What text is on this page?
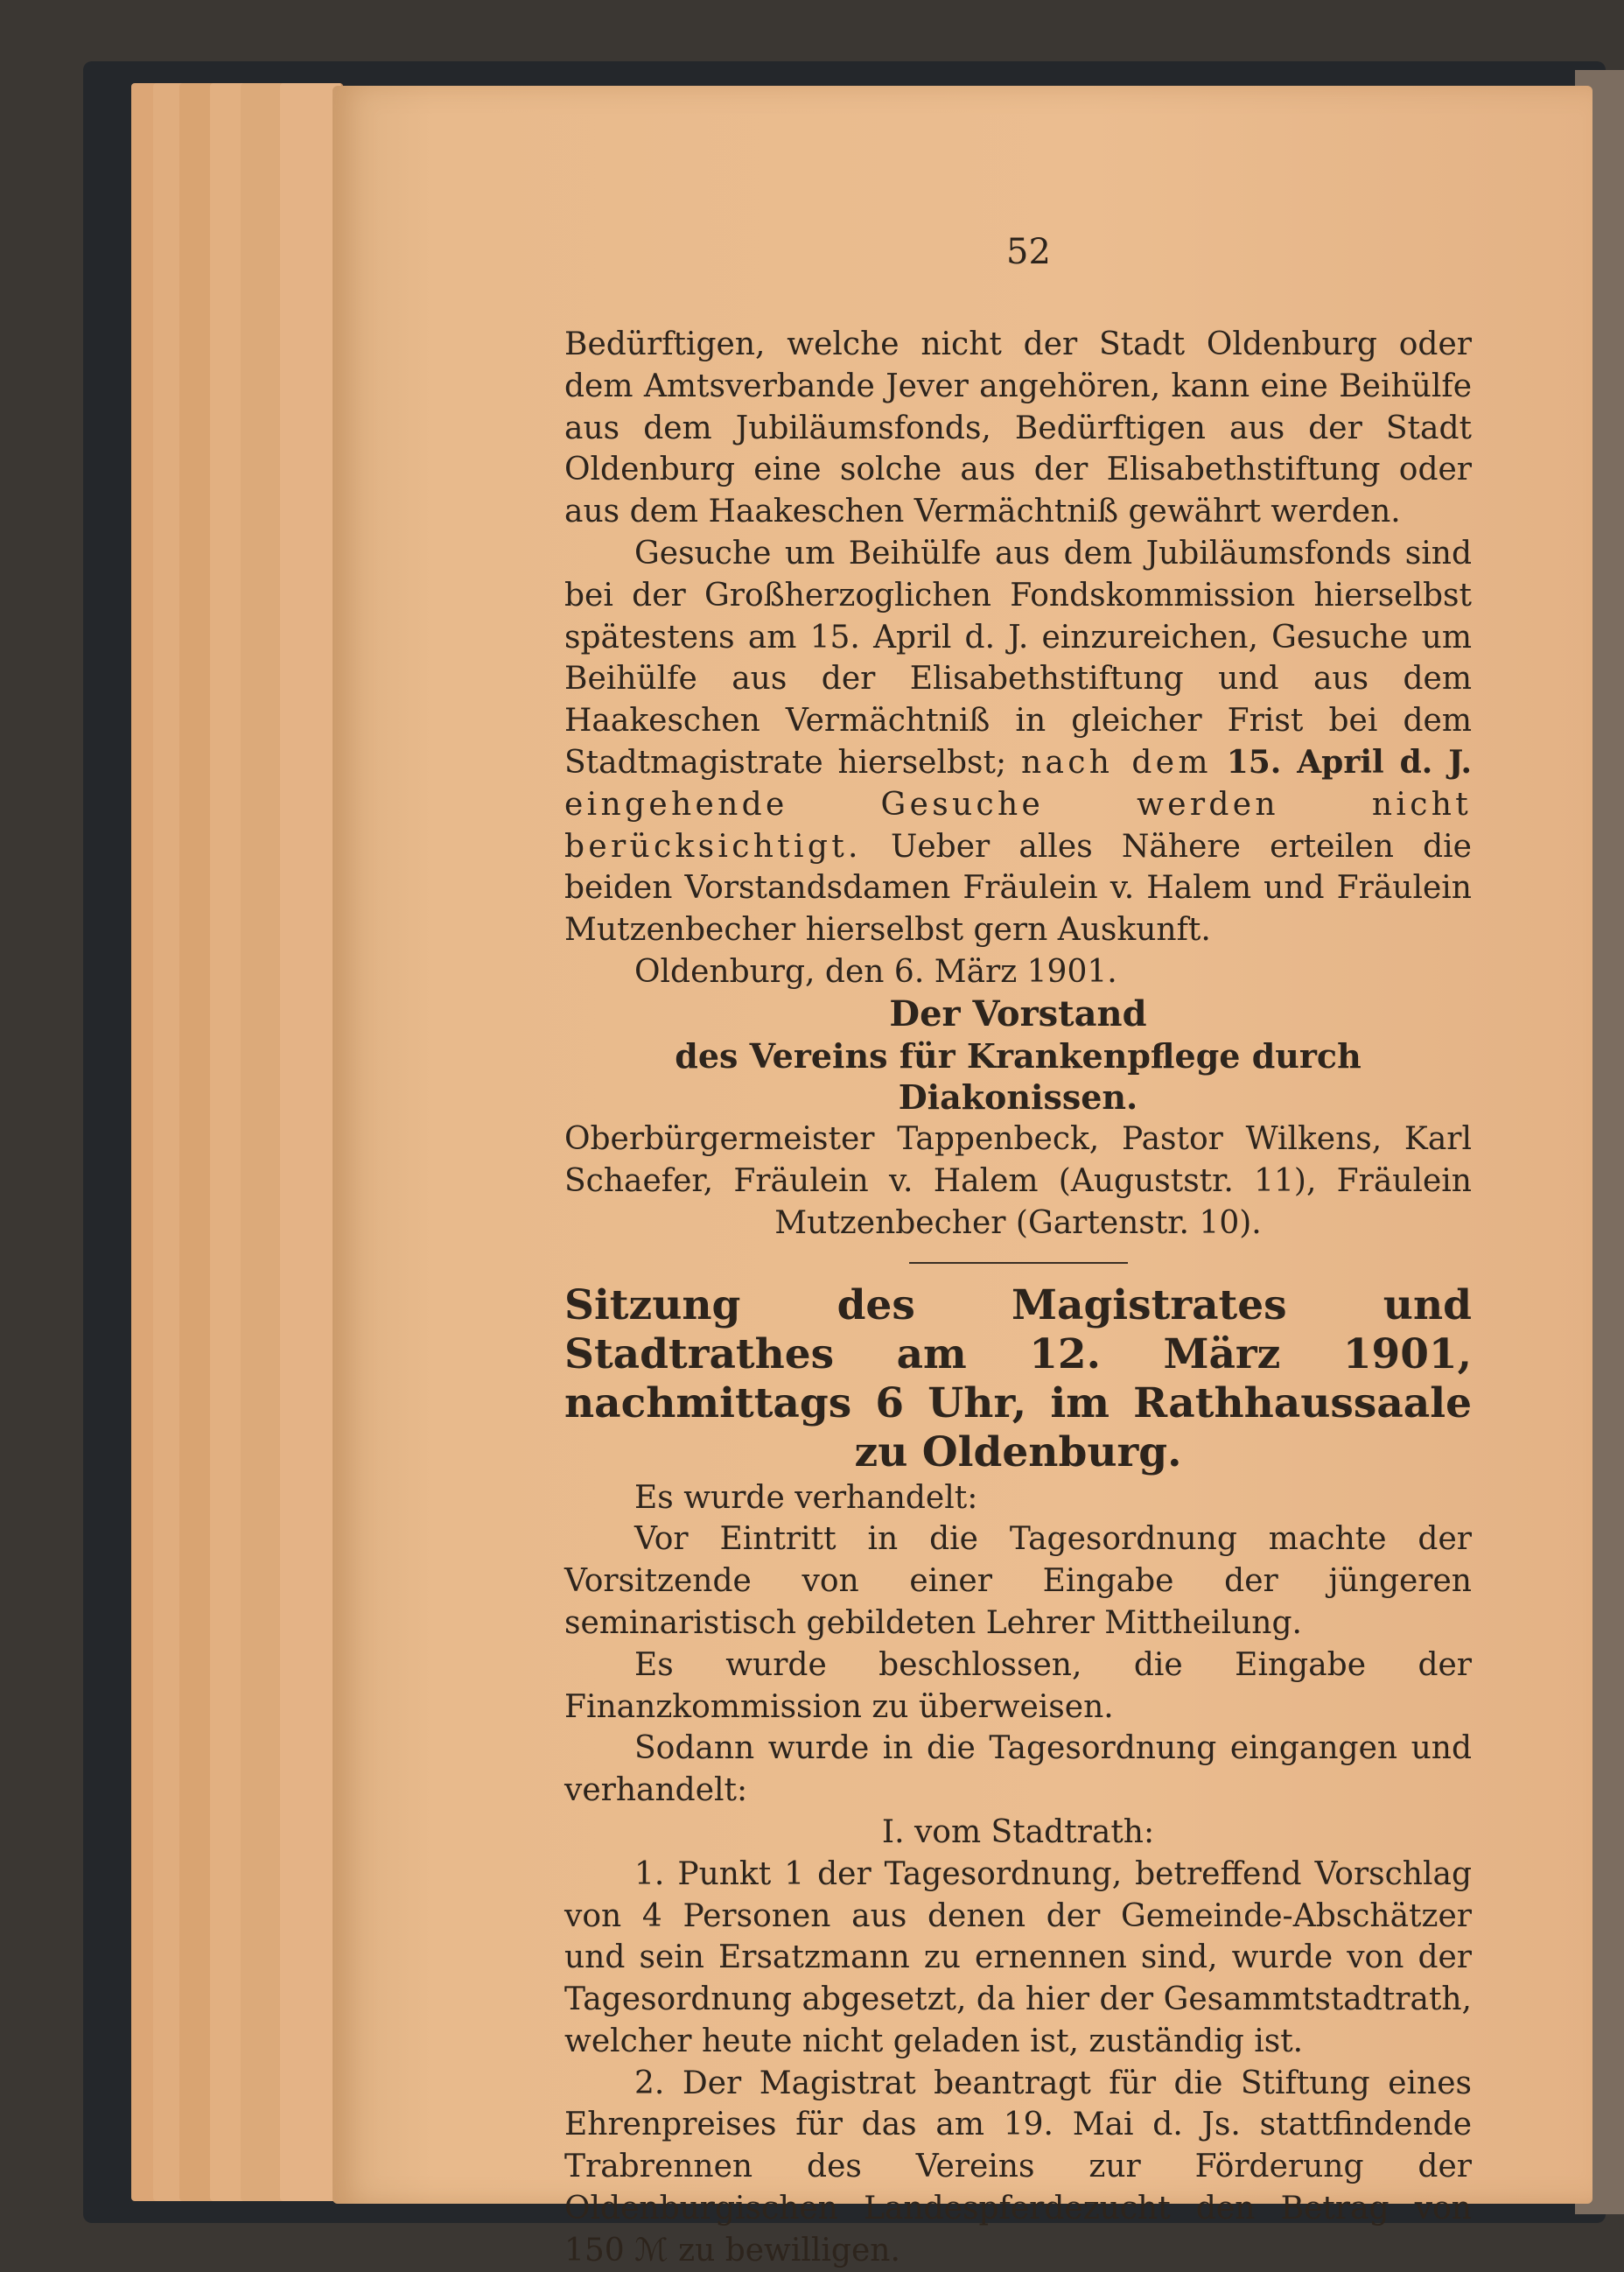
52

Bedürftigen, welche nicht der Stadt Oldenburg oder dem Amtsverbande Jever angehören, kann eine Beihülfe aus dem Jubiläumsfonds, Bedürftigen aus der Stadt Oldenburg eine solche aus der Elisabethstiftung oder aus dem Haakeschen Vermächtniß gewährt werden.

Gesuche um Beihülfe aus dem Jubiläumsfonds sind bei der Großherzoglichen Fondskommission hierselbst spätestens am 15. April d. J. einzureichen, Gesuche um Beihülfe aus der Elisabethstiftung und aus dem Haakeschen Vermächtniß in gleicher Frist bei dem Stadtmagistrate hierselbst; nach dem 15. April d. J. eingehende Gesuche werden nicht berücksichtigt. Ueber alles Nähere erteilen die beiden Vorstandsdamen Fräulein v. Halem und Fräulein Mutzenbecher hierselbst gern Auskunft.

Oldenburg, den 6. März 1901.

Der Vorstand

des Vereins für Krankenpflege durch Diakonissen.

Oberbürgermeister Tappenbeck, Pastor Wilkens, Karl Schaefer, Fräulein v. Halem (Auguststr. 11), Fräulein Mutzenbecher (Gartenstr. 10).

Sitzung des Magistrates und Stadtrathes am 12. März 1901, nachmittags 6 Uhr, im Rathhaussaale zu Oldenburg.

Es wurde verhandelt:

Vor Eintritt in die Tagesordnung machte der Vorsitzende von einer Eingabe der jüngeren seminaristisch gebildeten Lehrer Mittheilung.

Es wurde beschlossen, die Eingabe der Finanzkommission zu überweisen.

Sodann wurde in die Tagesordnung eingangen und verhandelt:

I. vom Stadtrath:

1. Punkt 1 der Tagesordnung, betreffend Vorschlag von 4 Personen aus denen der Gemeinde-Abschätzer und sein Ersatzmann zu ernennen sind, wurde von der Tagesordnung abgesetzt, da hier der Gesammtstadtrath, welcher heute nicht geladen ist, zuständig ist.

2. Der Magistrat beantragt für die Stiftung eines Ehrenpreises für das am 19. Mai d. Js. stattfindende Trabrennen des Vereins zur Förderung der Oldenburgischen Landespferdezucht den Betrag von 150 ℳ zu bewilligen.
